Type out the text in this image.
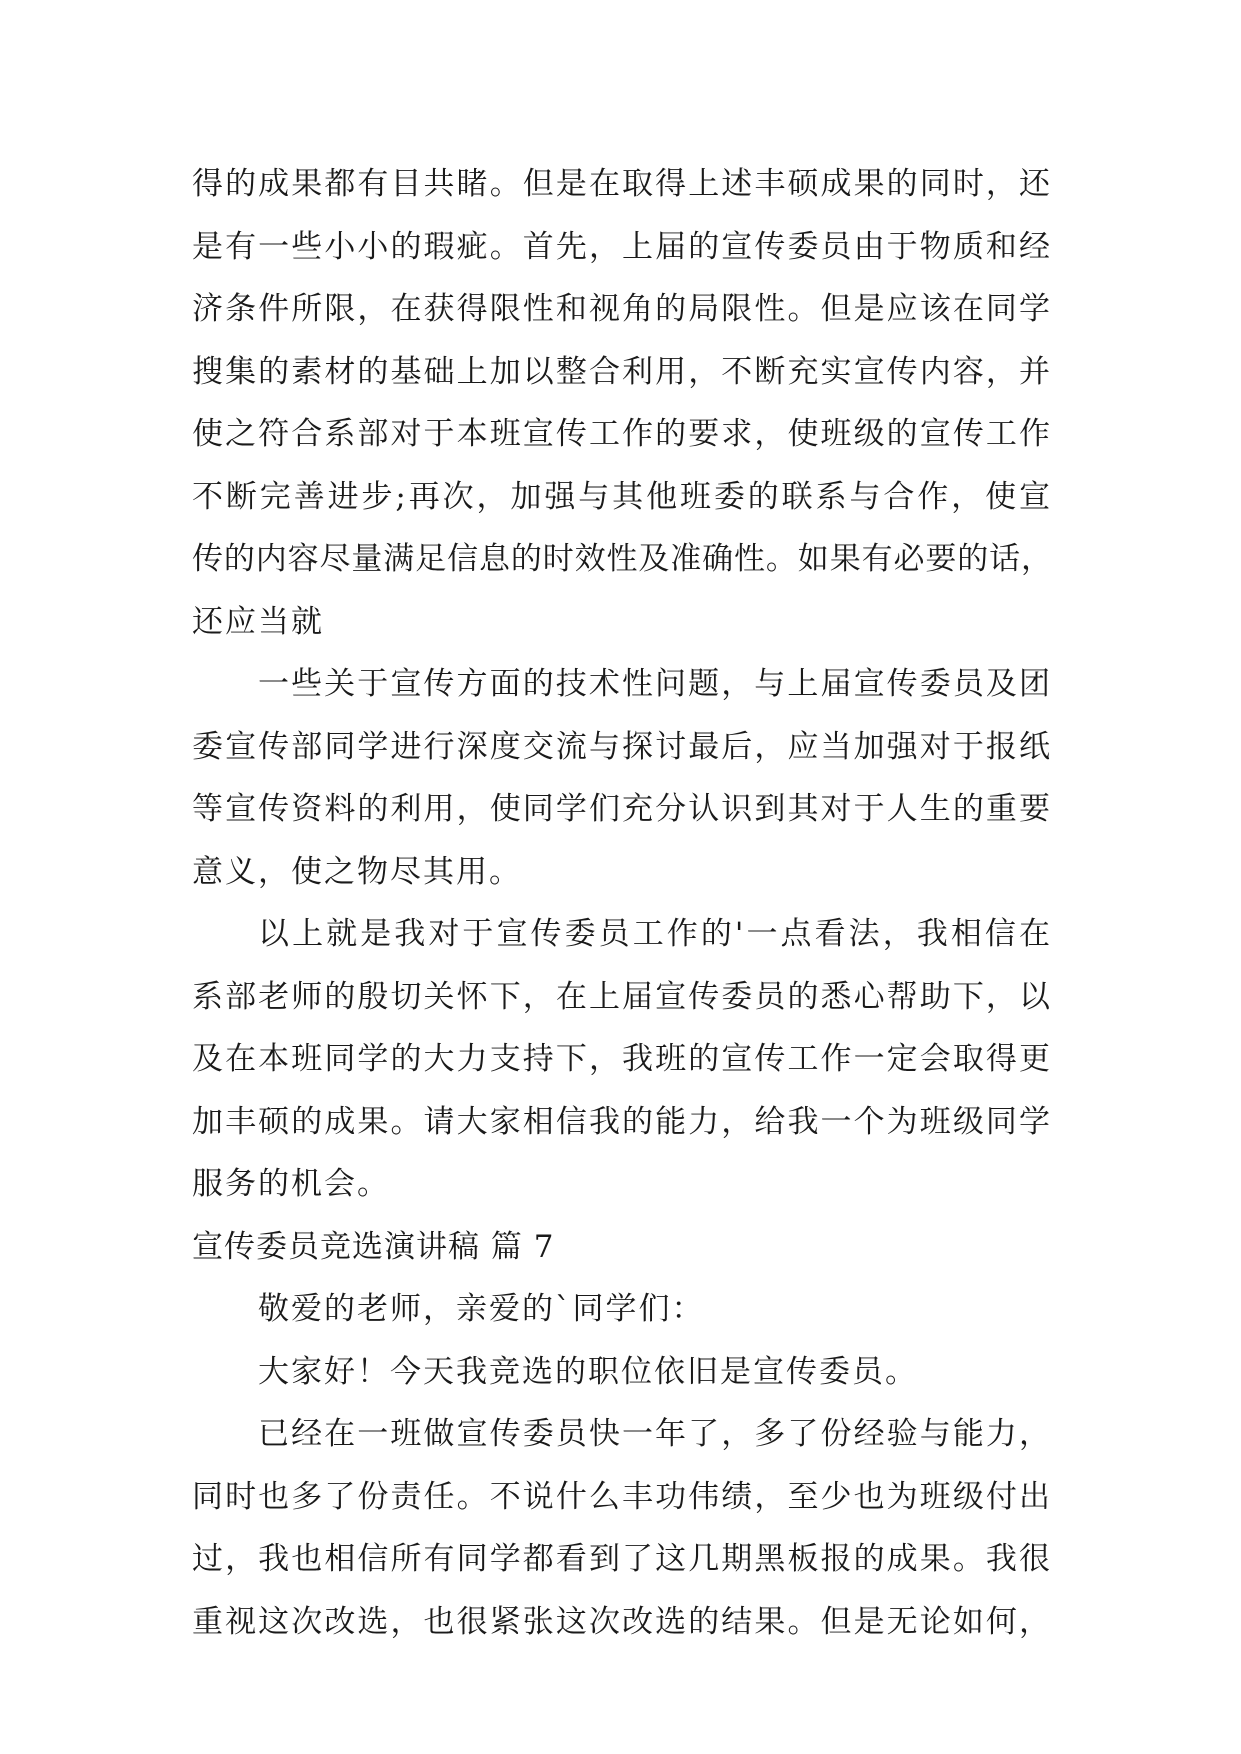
得的成果都有目共睹。但是在取得上述丰硕成果的同时，还
是有一些小小的瑕疵。首先，上届的宣传委员由于物质和经
济条件所限，在获得限性和视角的局限性。但是应该在同学
搜集的素材的基础上加以整合利用，不断充实宣传内容，并
使之符合系部对于本班宣传工作的要求，使班级的宣传工作
不断完善进步;再次，加强与其他班委的联系与合作，使宣
传的内容尽量满足信息的时效性及准确性。如果有必要的话，
还应当就
一些关于宣传方面的技术性问题，与上届宣传委员及团
委宣传部同学进行深度交流与探讨最后，应当加强对于报纸
等宣传资料的利用，使同学们充分认识到其对于人生的重要
意义，使之物尽其用。
以上就是我对于宣传委员工作的'一点看法，我相信在
系部老师的殷切关怀下，在上届宣传委员的悉心帮助下，以
及在本班同学的大力支持下，我班的宣传工作一定会取得更
加丰硕的成果。请大家相信我的能力，给我一个为班级同学
服务的机会。
宣传委员竞选演讲稿 篇 7
敬爱的老师，亲爱的`同学们：
大家好！今天我竞选的职位依旧是宣传委员。
已经在一班做宣传委员快一年了，多了份经验与能力，
同时也多了份责任。不说什么丰功伟绩，至少也为班级付出
过，我也相信所有同学都看到了这几期黑板报的成果。我很
重视这次改选，也很紧张这次改选的结果。但是无论如何，
